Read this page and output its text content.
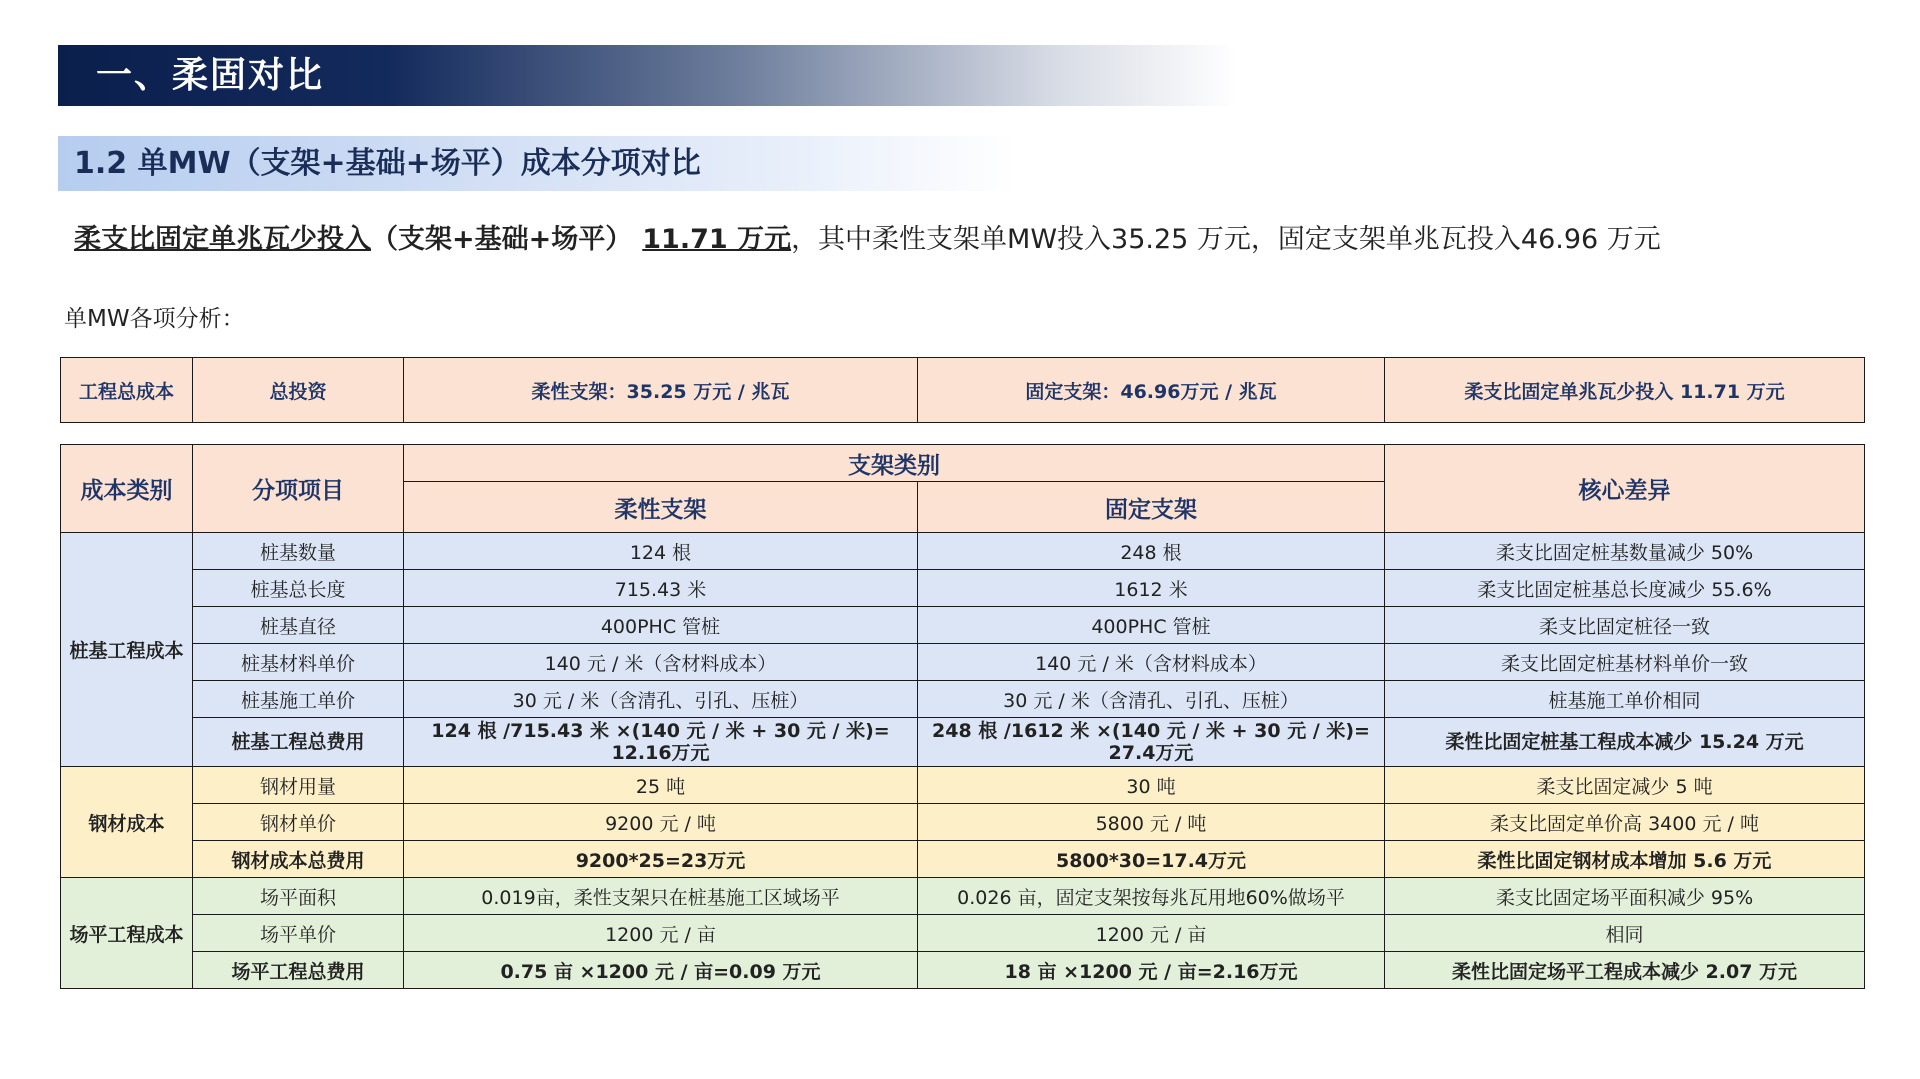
一、柔固对比
1.2 单MW（支架+基础+场平）成本分项对比
柔支比固定单兆瓦少投入（支架+基础+场平） 11.71 万元，其中柔性支架单MW投入35.25 万元，固定支架单兆瓦投入46.96 万元
单MW各项分析：
工程总成本	总投资	柔性支架：35.25 万元 / 兆瓦	固定支架：46.96万元 / 兆瓦	柔支比固定单兆瓦少投入 11.71 万元
成本类别	分项项目	支架类别		核心差异
		柔性支架	固定支架	
桩基工程成本	桩基数量	124 根	248 根	柔支比固定桩基数量减少 50%
	桩基总长度	715.43 米	1612 米	柔支比固定桩基总长度减少 55.6%
	桩基直径	400PHC 管桩	400PHC 管桩	柔支比固定桩径一致
	桩基材料单价	140 元 / 米（含材料成本）	140 元 / 米（含材料成本）	柔支比固定桩基材料单价一致
	桩基施工单价	30 元 / 米（含清孔、引孔、压桩）	30 元 / 米（含清孔、引孔、压桩）	桩基施工单价相同
	桩基工程总费用	124 根 /715.43 米 ×(140 元 / 米 + 30 元 / 米)= 12.16万元	248 根 /1612 米 ×(140 元 / 米 + 30 元 / 米)= 27.4万元	柔性比固定桩基工程成本减少 15.24 万元
钢材成本	钢材用量	25 吨	30 吨	柔支比固定减少 5 吨
	钢材单价	9200 元 / 吨	5800 元 / 吨	柔支比固定单价高 3400 元 / 吨
	钢材成本总费用	9200*25=23万元	5800*30=17.4万元	柔性比固定钢材成本增加 5.6 万元
场平工程成本	场平面积	0.019亩，柔性支架只在桩基施工区域场平	0.026 亩，固定支架按每兆瓦用地60%做场平	柔支比固定场平面积减少 95%
	场平单价	1200 元 / 亩	1200 元 / 亩	相同
	场平工程总费用	0.75 亩 ×1200 元 / 亩=0.09 万元	18 亩 ×1200 元 / 亩=2.16万元	柔性比固定场平工程成本减少 2.07 万元
